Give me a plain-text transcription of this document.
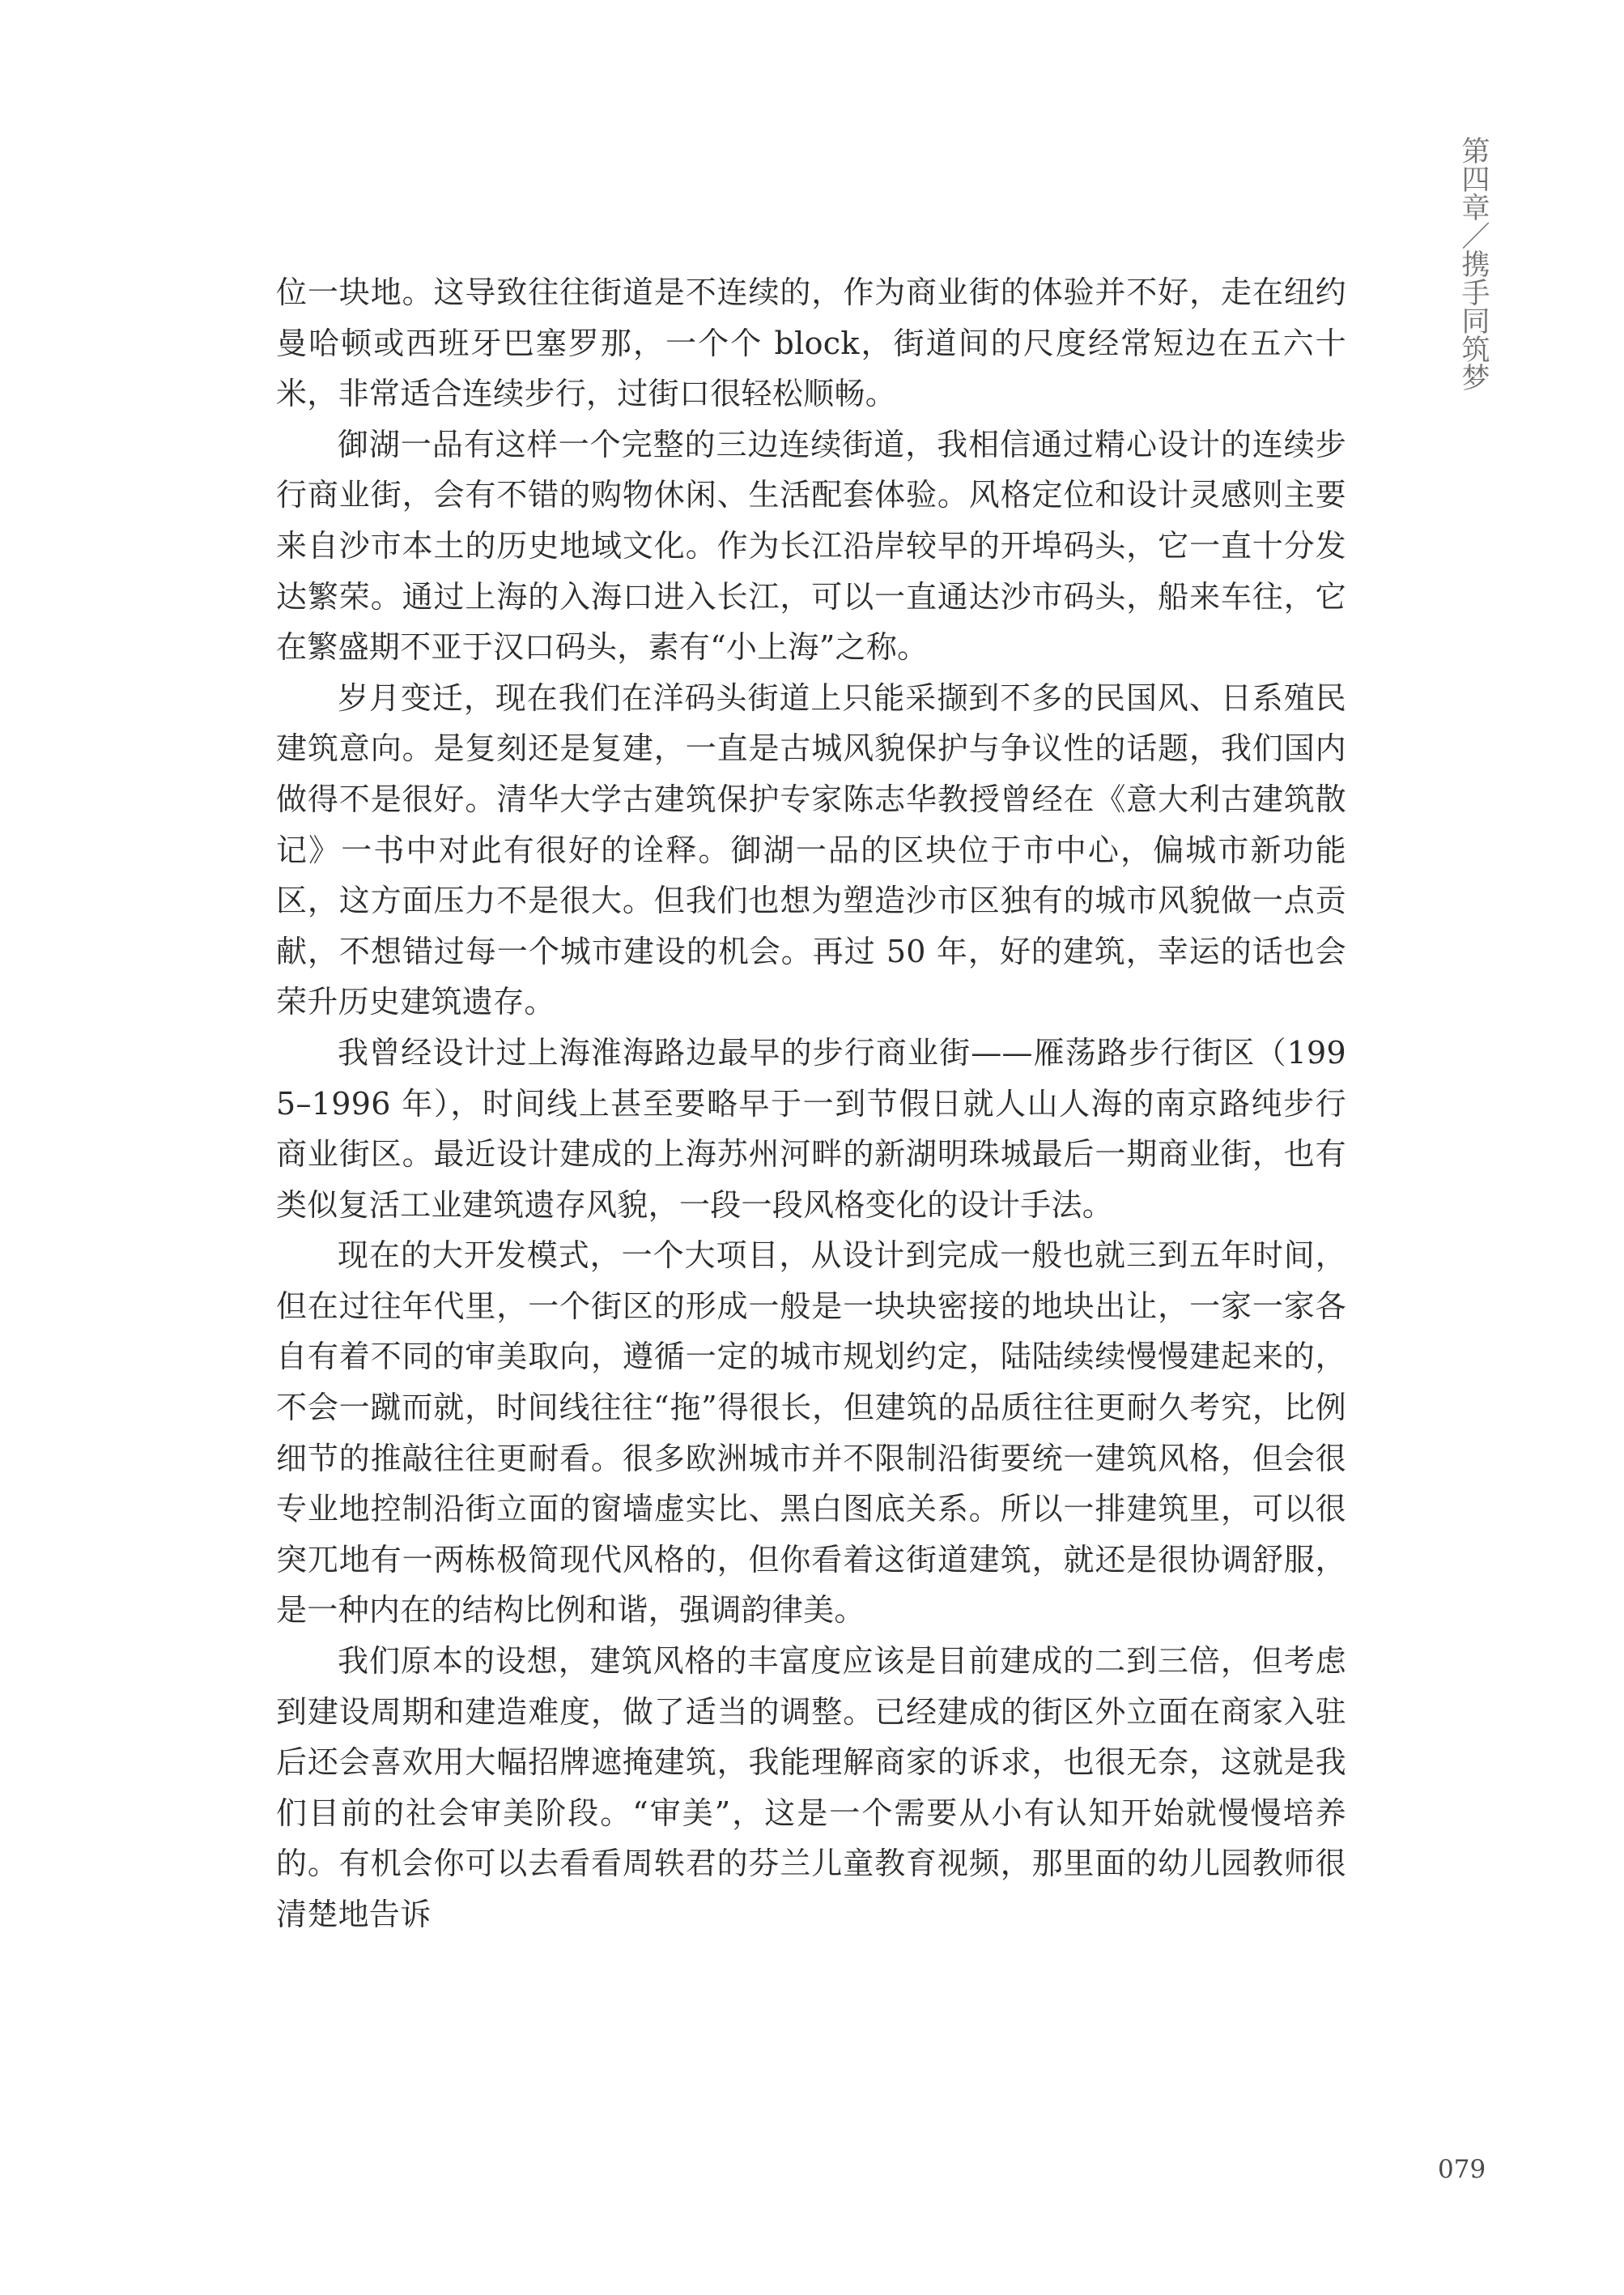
第四章／携手同筑梦

位一块地。这导致往往街道是不连续的，作为商业街的体验并不好，走在纽约曼哈顿或西班牙巴塞罗那，一个个 block，街道间的尺度经常短边在五六十米，非常适合连续步行，过街口很轻松顺畅。

御湖一品有这样一个完整的三边连续街道，我相信通过精心设计的连续步行商业街，会有不错的购物休闲、生活配套体验。风格定位和设计灵感则主要来自沙市本土的历史地域文化。作为长江沿岸较早的开埠码头，它一直十分发达繁荣。通过上海的入海口进入长江，可以一直通达沙市码头，船来车往，它在繁盛期不亚于汉口码头，素有“小上海”之称。

岁月变迁，现在我们在洋码头街道上只能采撷到不多的民国风、日系殖民建筑意向。是复刻还是复建，一直是古城风貌保护与争议性的话题，我们国内做得不是很好。清华大学古建筑保护专家陈志华教授曾经在《意大利古建筑散记》一书中对此有很好的诠释。御湖一品的区块位于市中心，偏城市新功能区，这方面压力不是很大。但我们也想为塑造沙市区独有的城市风貌做一点贡献，不想错过每一个城市建设的机会。再过 50 年，好的建筑，幸运的话也会荣升历史建筑遗存。

我曾经设计过上海淮海路边最早的步行商业街——雁荡路步行街区（1995–1996 年），时间线上甚至要略早于一到节假日就人山人海的南京路纯步行商业街区。最近设计建成的上海苏州河畔的新湖明珠城最后一期商业街，也有类似复活工业建筑遗存风貌，一段一段风格变化的设计手法。

现在的大开发模式，一个大项目，从设计到完成一般也就三到五年时间，但在过往年代里，一个街区的形成一般是一块块密接的地块出让，一家一家各自有着不同的审美取向，遵循一定的城市规划约定，陆陆续续慢慢建起来的，不会一蹴而就，时间线往往“拖”得很长，但建筑的品质往往更耐久考究，比例细节的推敲往往更耐看。很多欧洲城市并不限制沿街要统一建筑风格，但会很专业地控制沿街立面的窗墙虚实比、黑白图底关系。所以一排建筑里，可以很突兀地有一两栋极简现代风格的，但你看着这街道建筑，就还是很协调舒服，是一种内在的结构比例和谐，强调韵律美。

我们原本的设想，建筑风格的丰富度应该是目前建成的二到三倍，但考虑到建设周期和建造难度，做了适当的调整。已经建成的街区外立面在商家入驻后还会喜欢用大幅招牌遮掩建筑，我能理解商家的诉求，也很无奈，这就是我们目前的社会审美阶段。“审美”，这是一个需要从小有认知开始就慢慢培养的。有机会你可以去看看周轶君的芬兰儿童教育视频，那里面的幼儿园教师很清楚地告诉

079
